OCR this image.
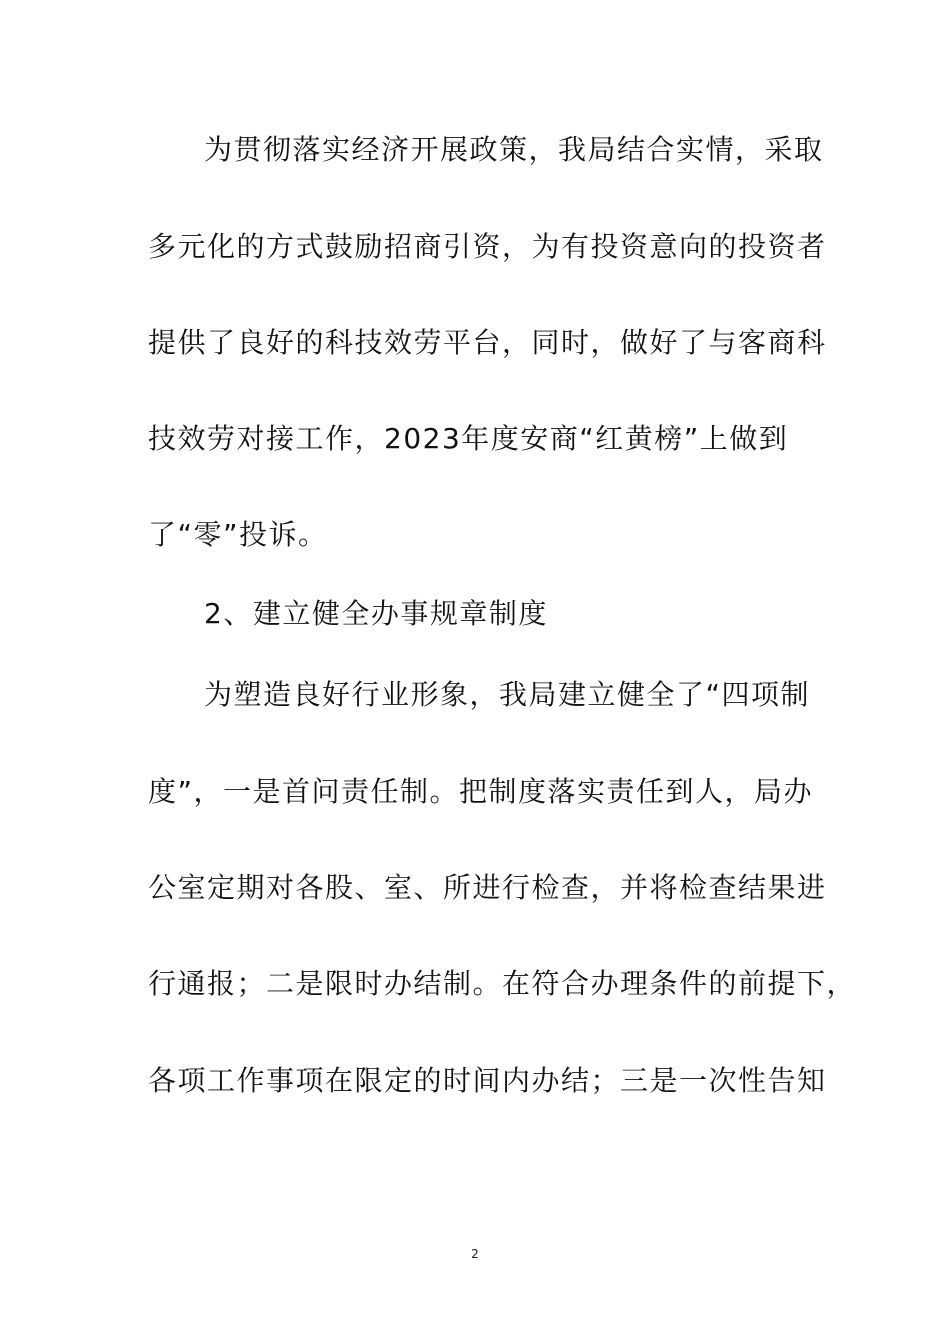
为贯彻落实经济开展政策，我局结合实情，采取
多元化的方式鼓励招商引资，为有投资意向的投资者
提供了良好的科技效劳平台，同时，做好了与客商科
技效劳对接工作，2023年度安商“红黄榜”上做到
了“零”投诉。
2、建立健全办事规章制度
为塑造良好行业形象，我局建立健全了“四项制
度”，一是首问责任制。把制度落实责任到人，局办
公室定期对各股、室、所进行检查，并将检查结果进
行通报；二是限时办结制。在符合办理条件的前提下，
各项工作事项在限定的时间内办结；三是一次性告知
2
